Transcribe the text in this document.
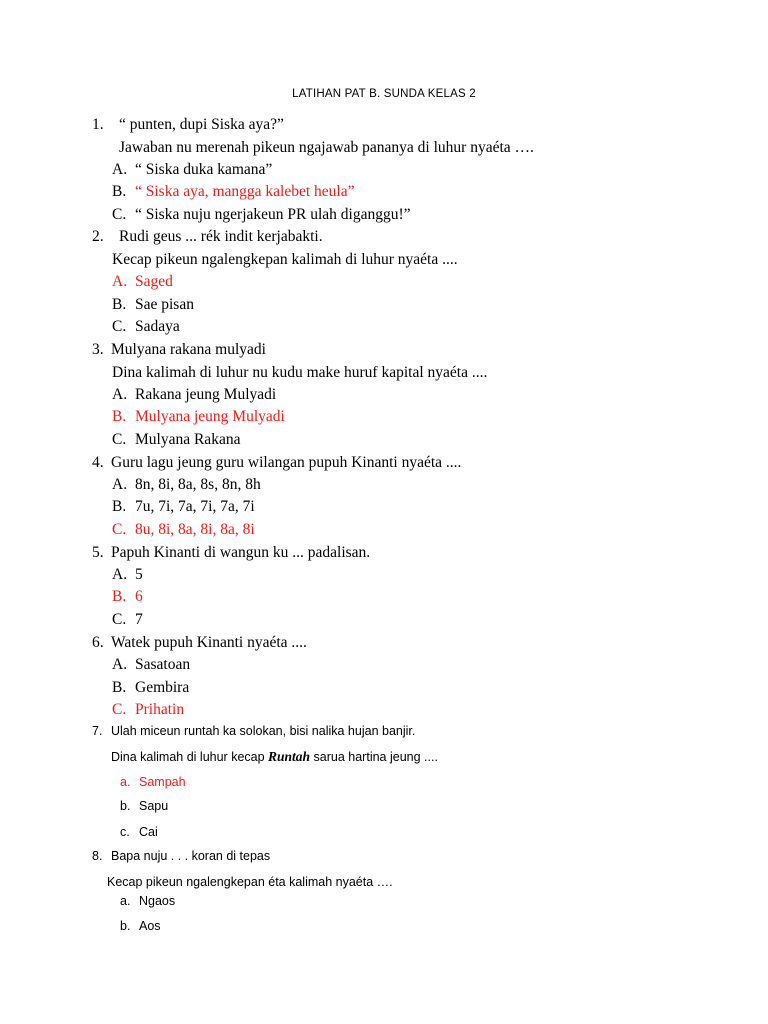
LATIHAN PAT B. SUNDA KELAS 2
1. “ punten, dupi Siska aya?”
Jawaban nu merenah pikeun ngajawab pananya di luhur nyaéta ….
A. “ Siska duka kamana”
B. “ Siska aya, mangga kalebet heula”
C. “ Siska nuju ngerjakeun PR ulah diganggu!”
2. Rudi geus ... rék indit kerjabakti.
Kecap pikeun ngalengkepan kalimah di luhur nyaéta ....
A. Saged
B. Sae pisan
C. Sadaya
3. Mulyana rakana mulyadi
Dina kalimah di luhur nu kudu make huruf kapital nyaéta ....
A. Rakana jeung Mulyadi
B. Mulyana jeung Mulyadi
C. Mulyana Rakana
4. Guru lagu jeung guru wilangan pupuh Kinanti nyaéta ....
A. 8n, 8i, 8a, 8s, 8n, 8h
B. 7u, 7i, 7a, 7i, 7a, 7i
C. 8u, 8i, 8a, 8i, 8a, 8i
5. Papuh Kinanti di wangun ku ... padalisan.
A. 5
B. 6
C. 7
6. Watek pupuh Kinanti nyaéta ....
A. Sasatoan
B. Gembira
C. Prihatin
7. Ulah miceun runtah ka solokan, bisi nalika hujan banjir.
Dina kalimah di luhur kecap Runtah sarua hartina jeung ....
a. Sampah
b. Sapu
c. Cai
8. Bapa nuju . . . koran di tepas
Kecap pikeun ngalengkepan éta kalimah nyaéta ….
a. Ngaos
b. Aos
